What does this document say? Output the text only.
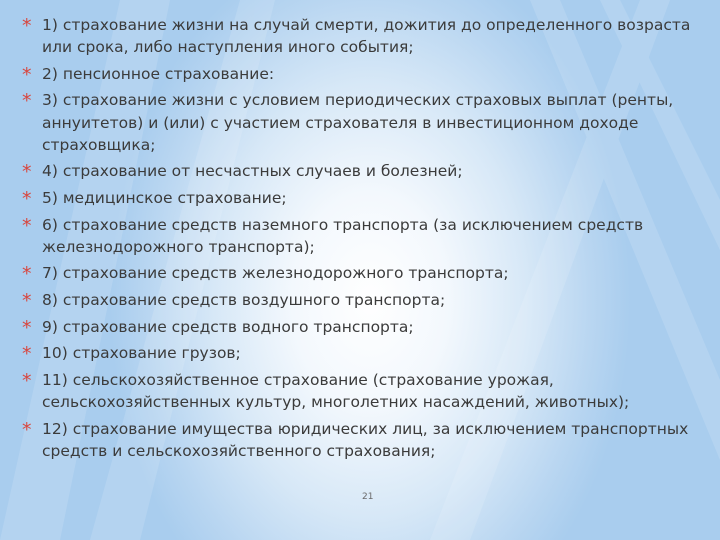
* 1) страхование жизни на случай смерти, дожития до определенного возраста или срока, либо наступления иного события;
* 2) пенсионное страхование:
* 3) страхование жизни с условием периодических страховых выплат (ренты, аннуитетов) и (или) с участием страхователя в инвестиционном доходе страховщика;
* 4) страхование от несчастных случаев и болезней;
* 5) медицинское страхование;
* 6) страхование средств наземного транспорта (за исключением средств железнодорожного транспорта);
* 7) страхование средств железнодорожного транспорта;
* 8) страхование средств воздушного транспорта;
* 9) страхование средств водного транспорта;
* 10) страхование грузов;
* 11) сельскохозяйственное страхование (страхование урожая, сельскохозяйственных культур, многолетних насаждений, животных);
* 12) страхование имущества юридических лиц, за исключением транспортных средств и сельскохозяйственного страхования;
21
